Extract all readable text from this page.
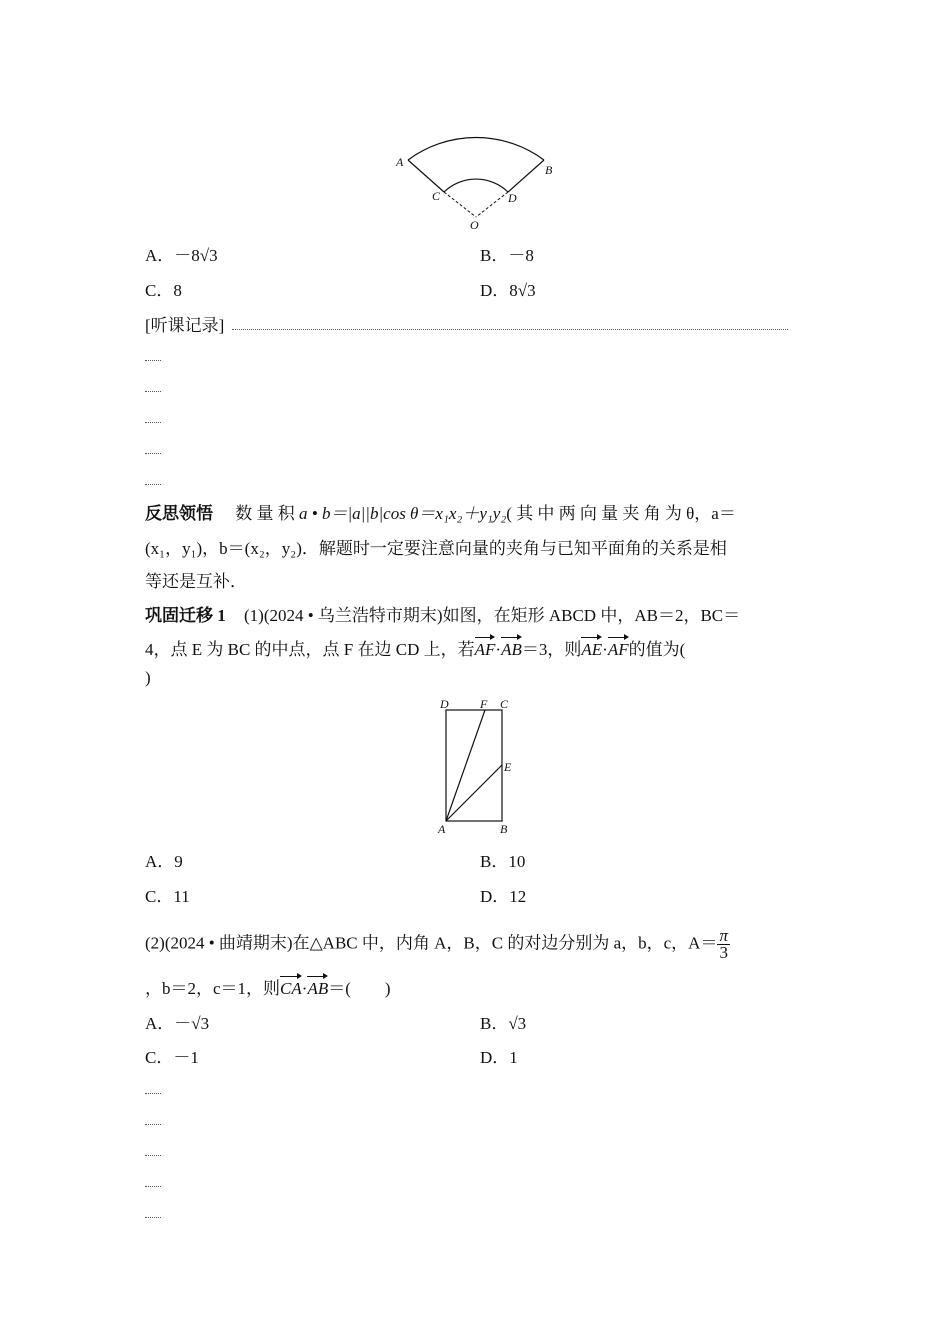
A
B
C	D
O
A．－8√3	B．－8
C．8	D．8√3
[听课记录]
反思领悟 数 量 积 a • b＝|a||b|cos θ＝x₁x₂＋y₁y₂( 其 中 两 向 量 夹 角 为 θ，a＝
(x₁，y₁)，b＝(x₂，y₂)．解题时一定要注意向量的夹角与已知平面角的关系是相
等还是互补．
巩固迁移 1 (1)(2024 • 乌兰浩特市期末)如图，在矩形 ABCD 中，AB＝2，BC＝
4，点 E 为 BC 的中点，点 F 在边 CD 上，若AF·AB＝3，则AE·AF的值为(
)
D	F C
E
A	B
A．9	B．10
C．11	D．12
(2)(2024 • 曲靖期末)在△ABC 中，内角 A，B，C 的对边分别为 a，b，c，$A= \frac{\pi}{3}$
，b＝2，c＝1，则CA·AB＝(　　)
A．－√3	B．√3
C．－1	D．1
